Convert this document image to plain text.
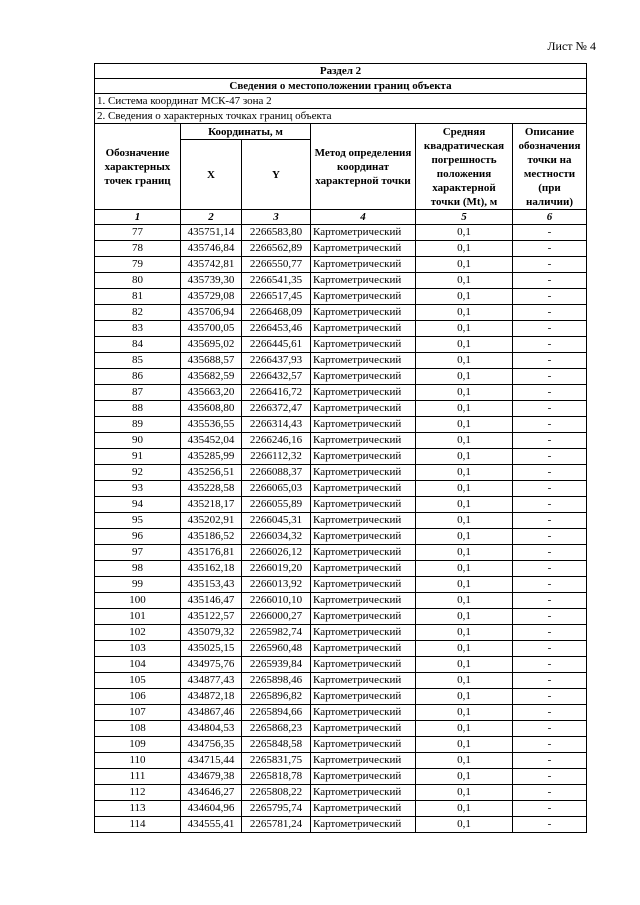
Лист № 4
Раздел 2					
Сведения о местоположении границ объекта					
1. Система координат МСК-47 зона 2					
2. Сведения о характерных точках границ объекта					
Обозначение характерных точек границ	Координаты, м		Метод определения координат характерной точки	Средняя квадратическая погрешность положения характерной точки (Mt), м	Описание обозначения точки на местности (при наличии)
	X	Y			
1	2	3	4	5	6
77	435751,14	2266583,80	Картометрический	0,1	-
78	435746,84	2266562,89	Картометрический	0,1	-
79	435742,81	2266550,77	Картометрический	0,1	-
80	435739,30	2266541,35	Картометрический	0,1	-
81	435729,08	2266517,45	Картометрический	0,1	-
82	435706,94	2266468,09	Картометрический	0,1	-
83	435700,05	2266453,46	Картометрический	0,1	-
84	435695,02	2266445,61	Картометрический	0,1	-
85	435688,57	2266437,93	Картометрический	0,1	-
86	435682,59	2266432,57	Картометрический	0,1	-
87	435663,20	2266416,72	Картометрический	0,1	-
88	435608,80	2266372,47	Картометрический	0,1	-
89	435536,55	2266314,43	Картометрический	0,1	-
90	435452,04	2266246,16	Картометрический	0,1	-
91	435285,99	2266112,32	Картометрический	0,1	-
92	435256,51	2266088,37	Картометрический	0,1	-
93	435228,58	2266065,03	Картометрический	0,1	-
94	435218,17	2266055,89	Картометрический	0,1	-
95	435202,91	2266045,31	Картометрический	0,1	-
96	435186,52	2266034,32	Картометрический	0,1	-
97	435176,81	2266026,12	Картометрический	0,1	-
98	435162,18	2266019,20	Картометрический	0,1	-
99	435153,43	2266013,92	Картометрический	0,1	-
100	435146,47	2266010,10	Картометрический	0,1	-
101	435122,57	2266000,27	Картометрический	0,1	-
102	435079,32	2265982,74	Картометрический	0,1	-
103	435025,15	2265960,48	Картометрический	0,1	-
104	434975,76	2265939,84	Картометрический	0,1	-
105	434877,43	2265898,46	Картометрический	0,1	-
106	434872,18	2265896,82	Картометрический	0,1	-
107	434867,46	2265894,66	Картометрический	0,1	-
108	434804,53	2265868,23	Картометрический	0,1	-
109	434756,35	2265848,58	Картометрический	0,1	-
110	434715,44	2265831,75	Картометрический	0,1	-
111	434679,38	2265818,78	Картометрический	0,1	-
112	434646,27	2265808,22	Картометрический	0,1	-
113	434604,96	2265795,74	Картометрический	0,1	-
114	434555,41	2265781,24	Картометрический	0,1	-
